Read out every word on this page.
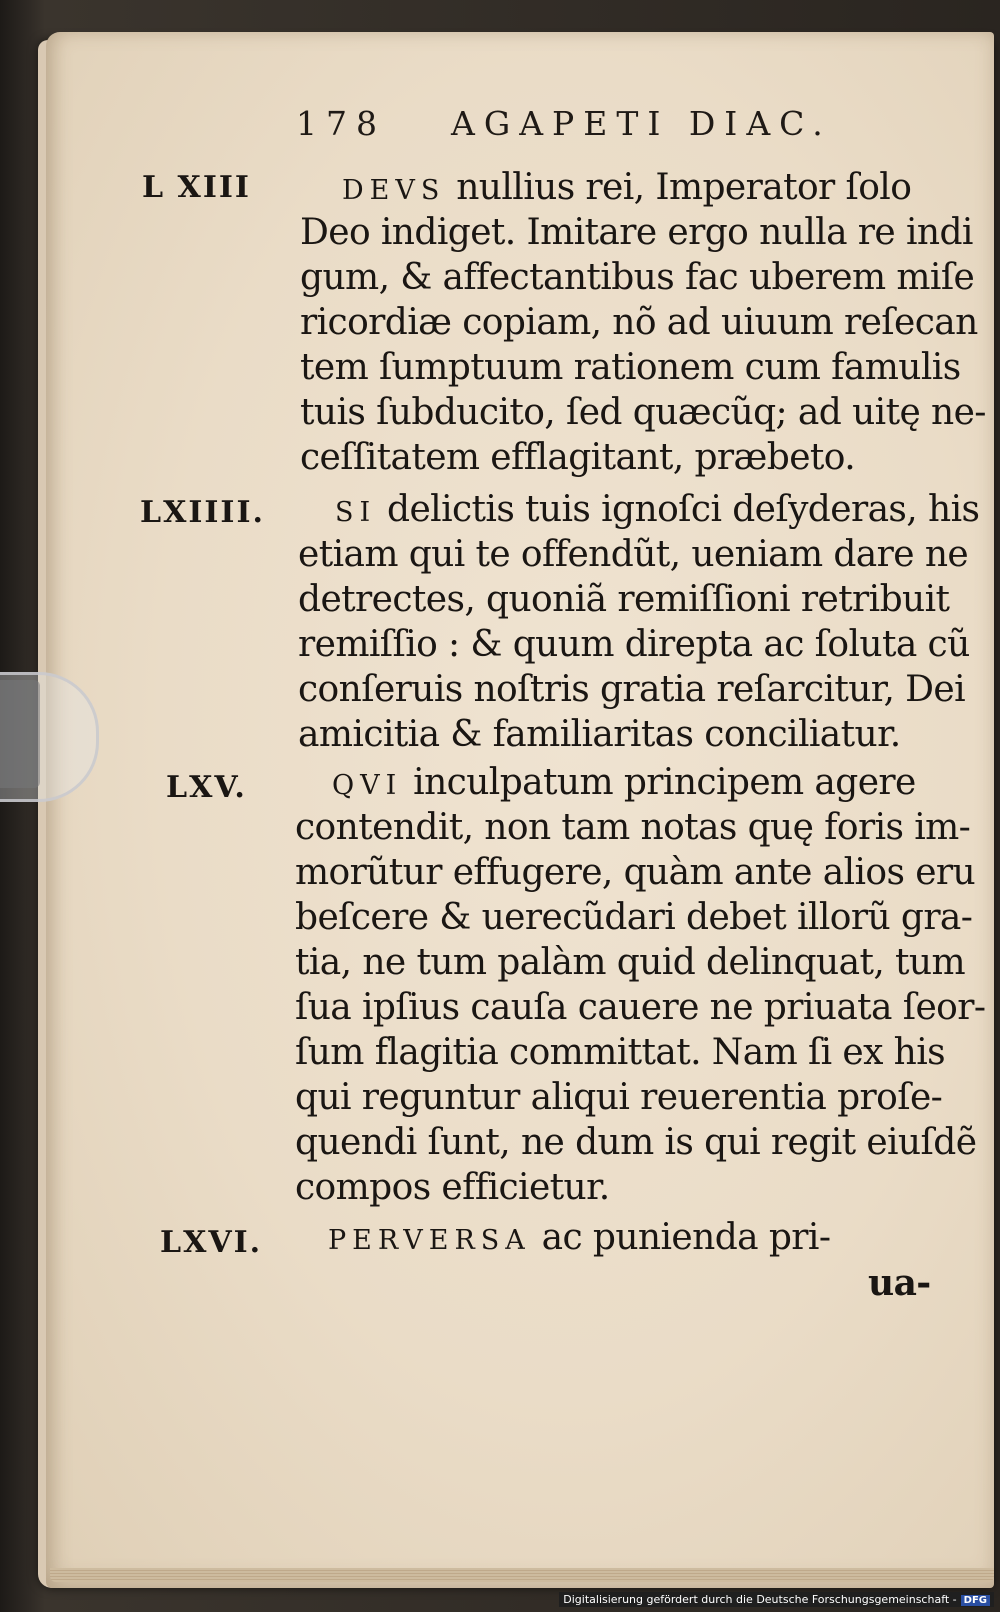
178 AGAPETI DIAC.
L XIII	DEVS nullius rei, Imperator ſolo
Deo indiget. Imitare ergo nulla re indi
gum, & affectantibus fac uberem miſe
ricordiæ copiam, nõ ad uiuum reſecan
tem ſumptuum rationem cum famulis
tuis ſubducito, ſed quæcũq; ad uitę ne-
ceſſitatem efflagitant, præbeto.
LXIIII.	SI delictis tuis ignoſci deſyderas, his
etiam qui te offendũt, ueniam dare ne
detrectes, quoniã remiſſioni retribuit
remiſſio : & quum direpta ac ſoluta cũ
conſeruis noſtris gratia reſarcitur, Dei
amicitia & familiaritas conciliatur.
LXV.	QVI inculpatum principem agere
contendit, non tam notas quę foris im-
morũtur effugere, quàm ante alios eru
beſcere & uerecũdari debet illorũ gra-
tia, ne tum palàm quid delinquat, tum
ſua ipſius cauſa cauere ne priuata ſeor-
ſum flagitia committat. Nam ſi ex his
qui reguntur aliqui reuerentia proſe-
quendi ſunt, ne dum is qui regit eiuſdẽ
compos efficietur.
LXVI. PERVERSA ac punienda pri-
ua-
Digitalisierung gefördert durch die Deutsche Forschungsgemeinschaft - DFG
